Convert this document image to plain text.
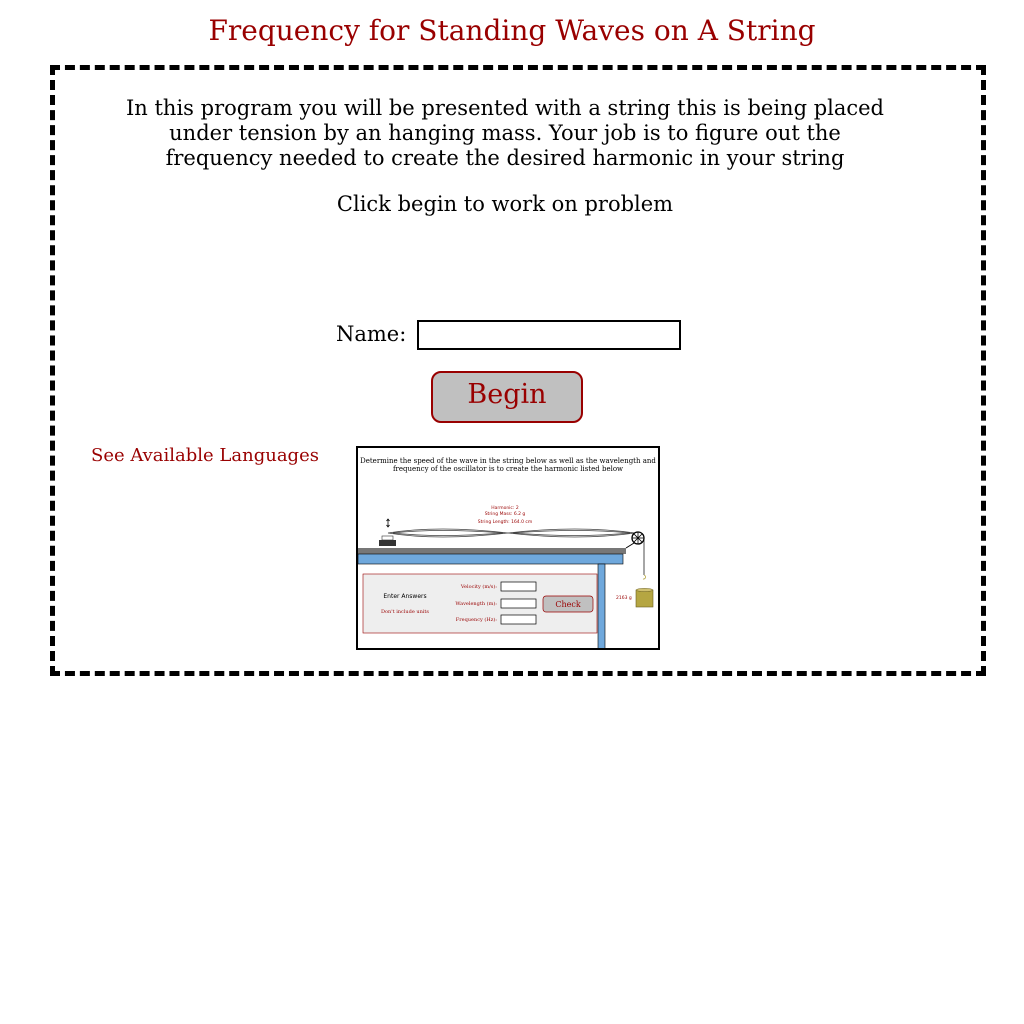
Frequency for Standing Waves on A String

In this program you will be presented with a string this is being placed
under tension by an hanging mass. Your job is to figure out the
frequency needed to create the desired harmonic in your string

Click begin to work on problem

Name:
Begin
See Available Languages	Determine the speed of the wave in the string below as well as the wavelength and
frequency of the oscillator is to create the harmonic listed below
Harmonic: 2
String Mass: 6.2 g
String Length: 164.0 cm
2163 g
Enter Answers
Don't include units
Velocity (m/s):
Wavelength (m):
Frequency (Hz):
Check
